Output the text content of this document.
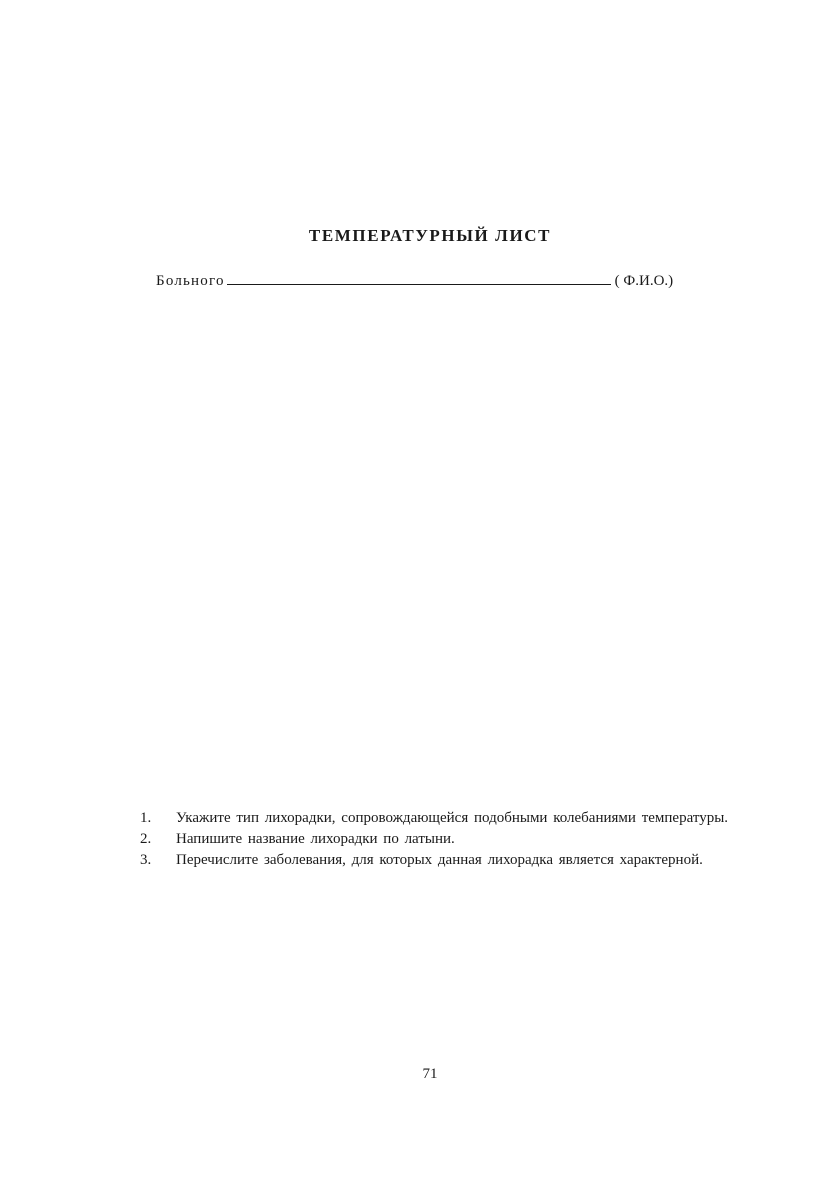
ТЕМПЕРАТУРНЫЙ ЛИСТ
Больного	( Ф.И.О.)
1.	Укажите тип лихорадки, сопровождающейся подобными колебаниями температуры.
2.	Напишите название лихорадки по латыни.
3.	Перечислите заболевания, для которых данная лихорадка является характерной.
71
